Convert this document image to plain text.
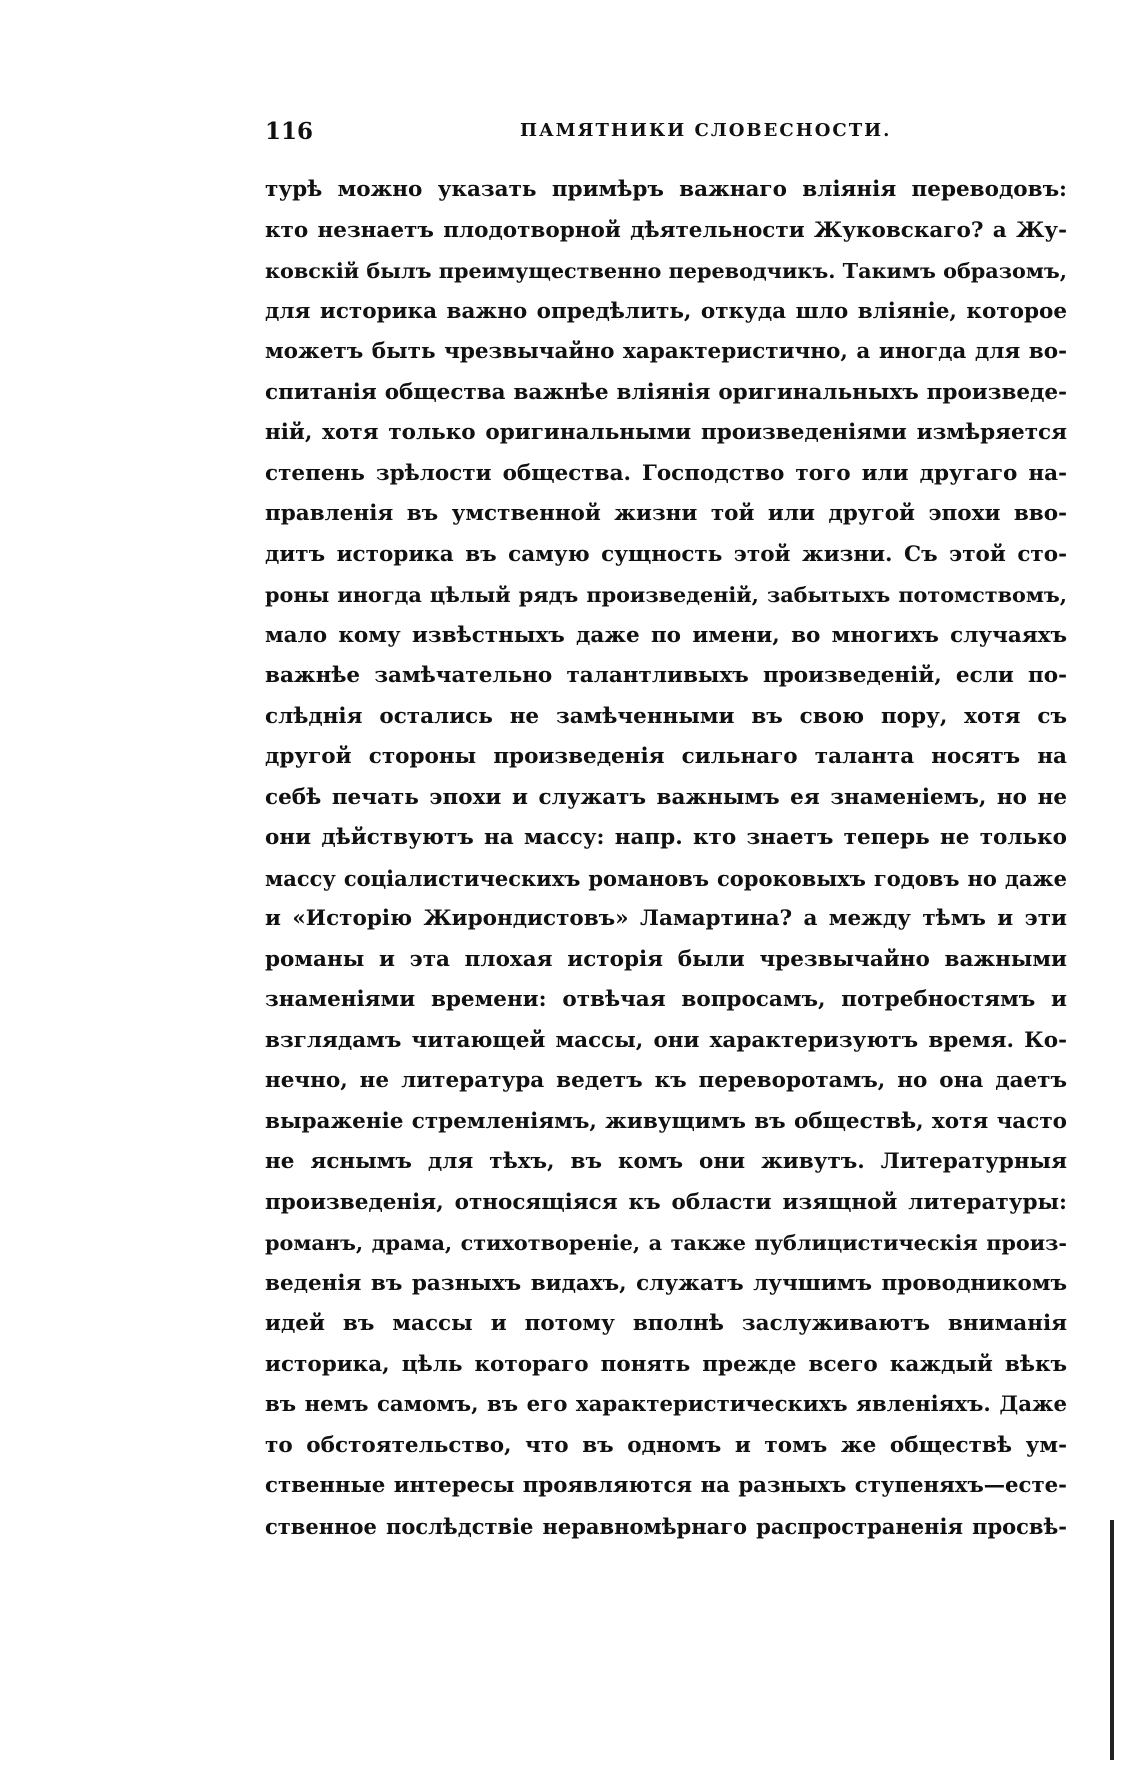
116	ПАМЯТНИКИ СЛОВЕСНОСТИ.
турѣ можно указать примѣръ важнаго вліянія переводовъ:
кто незнаетъ плодотворной дѣятельности Жуковскаго? а Жу-
ковскій былъ преимущественно переводчикъ. Такимъ образомъ,
для историка важно опредѣлить, откуда шло вліяніе, которое
можетъ быть чрезвычайно характеристично, а иногда для во-
спитанія общества важнѣе вліянія оригинальныхъ произведе-
ній, хотя только оригинальными произведеніями измѣряется
степень зрѣлости общества. Господство того или другаго на-
правленія въ умственной жизни той или другой эпохи вво-
дитъ историка въ самую сущность этой жизни. Съ этой сто-
роны иногда цѣлый рядъ произведеній, забытыхъ потомствомъ,
мало кому извѣстныхъ даже по имени, во многихъ случаяхъ
важнѣе замѣчательно талантливыхъ произведеній, если по-
слѣднія остались не замѣченными въ свою пору, хотя съ
другой стороны произведенія сильнаго таланта носятъ на
себѣ печать эпохи и служатъ важнымъ ея знаменіемъ, но не
они дѣйствуютъ на массу: напр. кто знаетъ теперь не только
массу соціалистическихъ романовъ сороковыхъ годовъ но даже
и «Исторію Жирондистовъ» Ламартина? а между тѣмъ и эти
романы и эта плохая исторія были чрезвычайно важными
знаменіями времени: отвѣчая вопросамъ, потребностямъ и
взглядамъ читающей массы, они характеризуютъ время. Ко-
нечно, не литература ведетъ къ переворотамъ, но она даетъ
выраженіе стремленіямъ, живущимъ въ обществѣ, хотя часто
не яснымъ для тѣхъ, въ комъ они живутъ. Литературныя
произведенія, относящіяся къ области изящной литературы:
романъ, драма, стихотвореніе, а также публицистическія произ-
веденія въ разныхъ видахъ, служатъ лучшимъ проводникомъ
идей въ массы и потому вполнѣ заслуживаютъ вниманія
историка, цѣль котораго понять прежде всего каждый вѣкъ
въ немъ самомъ, въ его характеристическихъ явленіяхъ. Даже
то обстоятельство, что въ одномъ и томъ же обществѣ ум-
ственные интересы проявляются на разныхъ ступеняхъ—есте-
ственное послѣдствіе неравномѣрнаго распространенія просвѣ-
